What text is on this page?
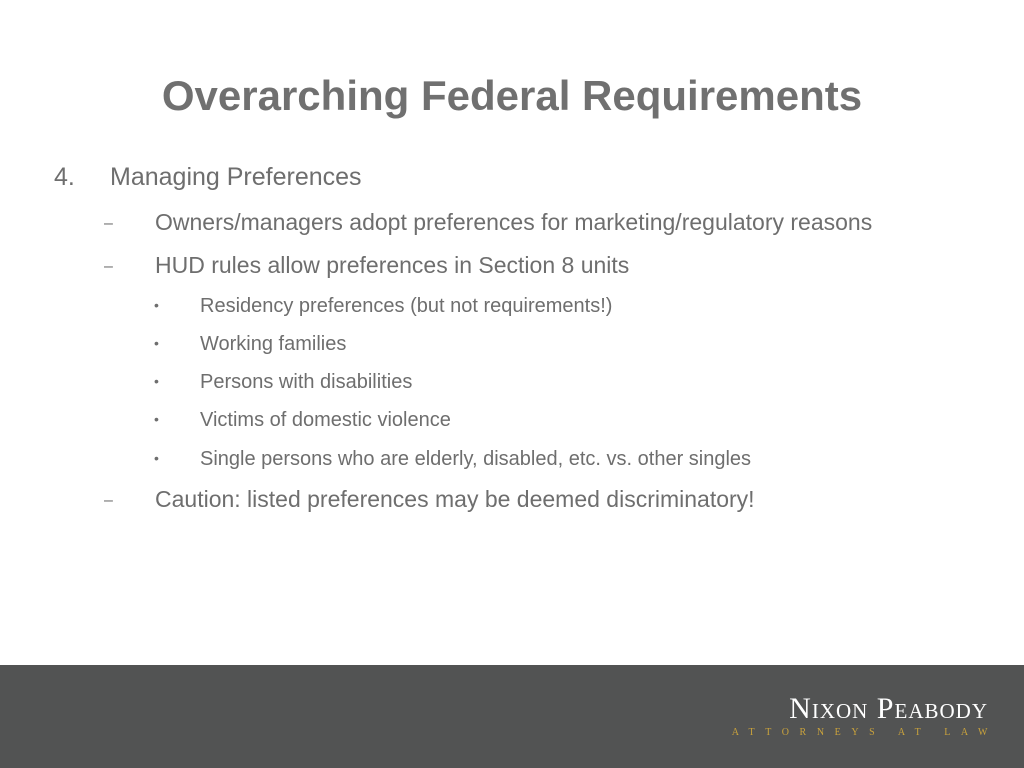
Overarching Federal Requirements
4. Managing Preferences
– Owners/managers adopt preferences for marketing/regulatory reasons
– HUD rules allow preferences in Section 8 units
• Residency preferences (but not requirements!)
• Working families
• Persons with disabilities
• Victims of domestic violence
• Single persons who are elderly, disabled, etc. vs. other singles
– Caution: listed preferences may be deemed discriminatory!
Nixon Peabody
ATTORNEYS AT LAW
